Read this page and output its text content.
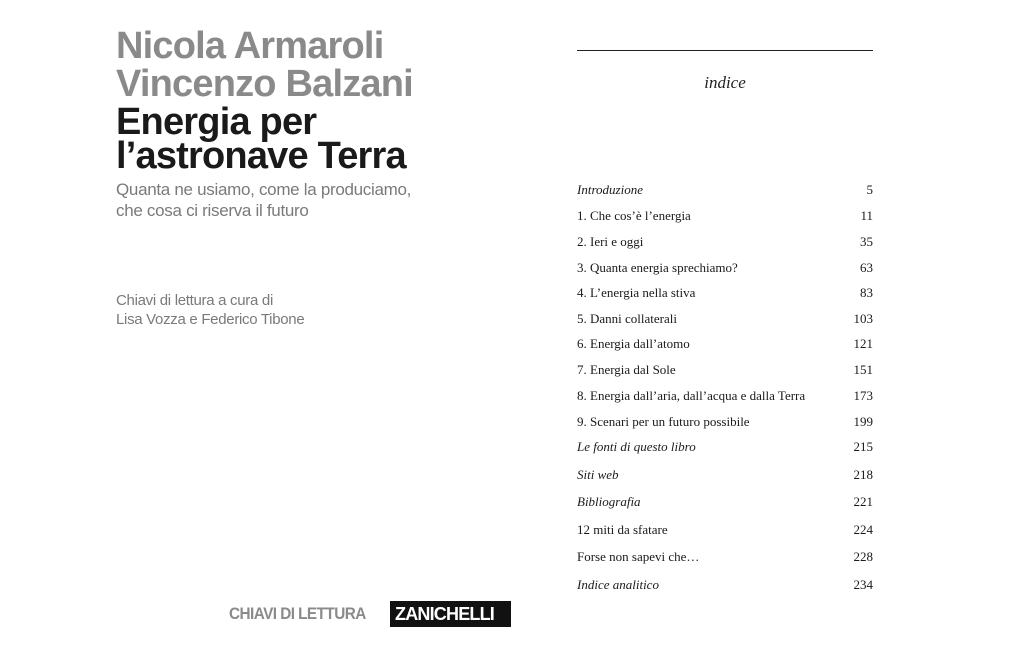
Nicola Armaroli
Vincenzo Balzani
Energia per
l’astronave Terra
Quanta ne usiamo, come la produciamo,
che cosa ci riserva il futuro
Chiavi di lettura a cura di
Lisa Vozza e Federico Tibone
CHIAVI DI LETTURA ZANICHELLI
indice
Introduzione	5
1. Che cos’è l’energia	11
2. Ieri e oggi	35
3. Quanta energia sprechiamo?	63
4. L’energia nella stiva	83
5. Danni collaterali	103
6. Energia dall’atomo	121
7. Energia dal Sole	151
8. Energia dall’aria, dall’acqua e dalla Terra	173
9. Scenari per un futuro possibile	199
Le fonti di questo libro	215
Siti web	218
Bibliografia	221
12 miti da sfatare	224
Forse non sapevi che…	228
Indice analitico	234
